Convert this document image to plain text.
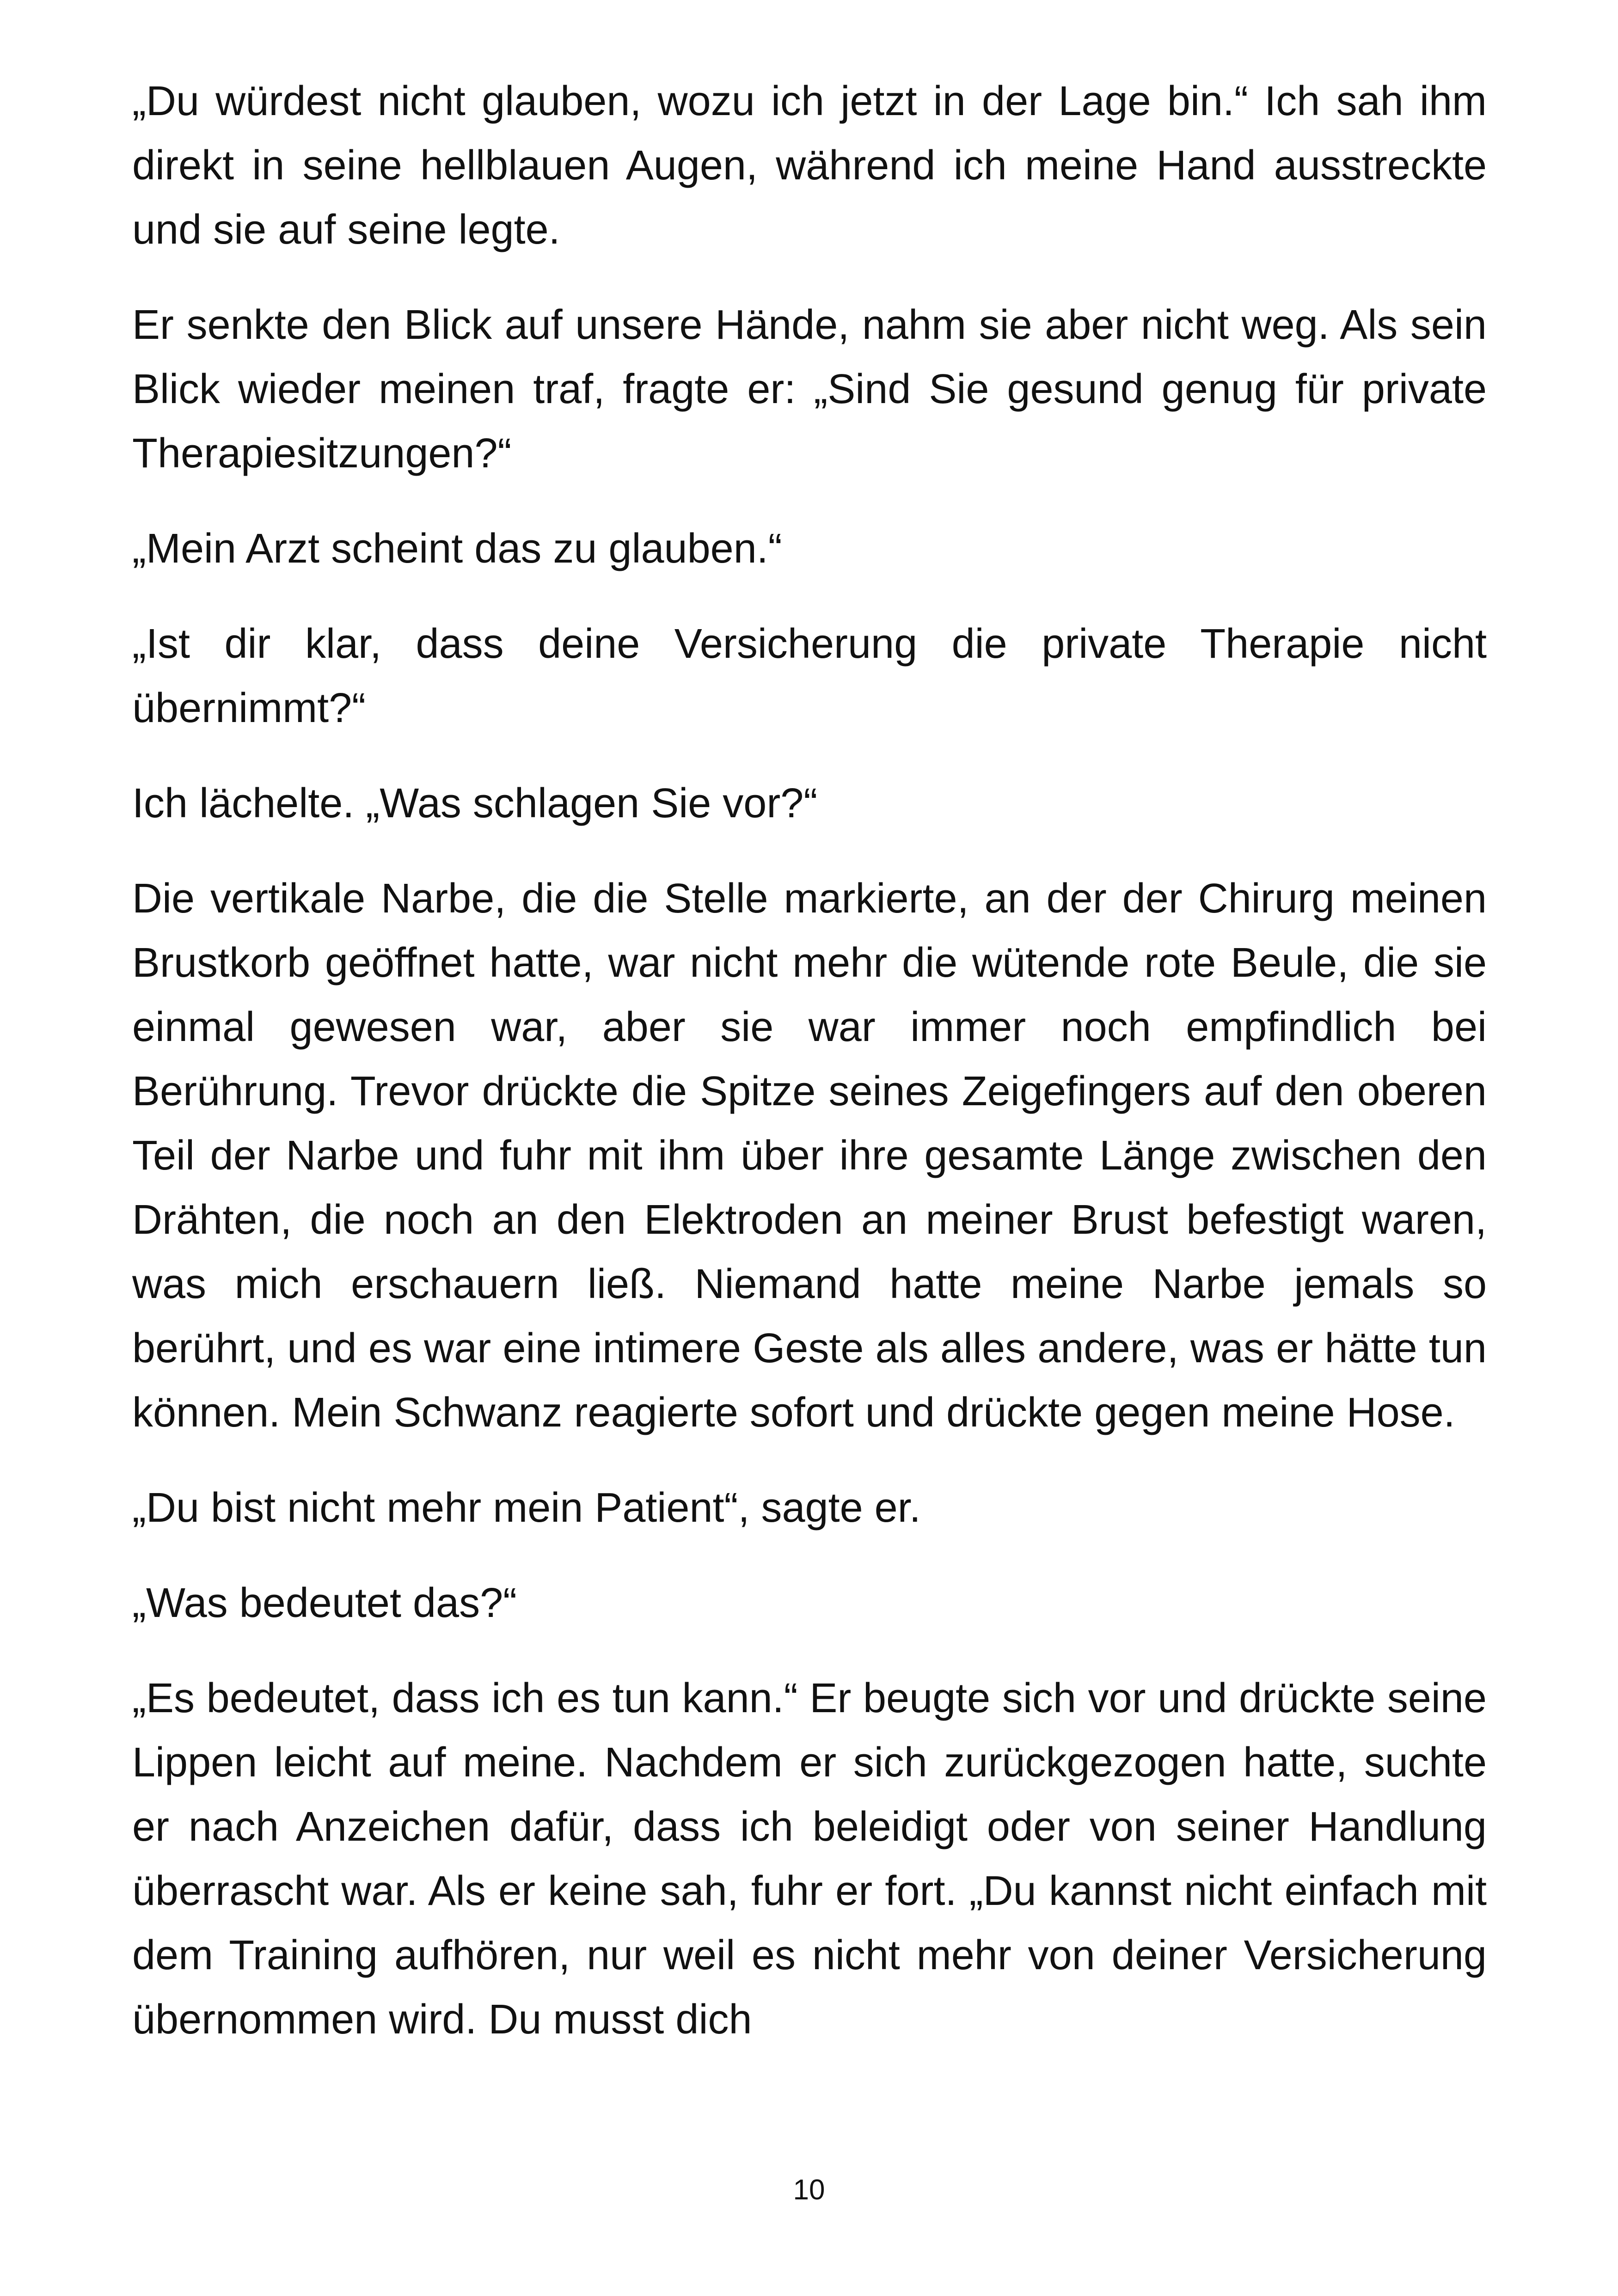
„Du würdest nicht glauben, wozu ich jetzt in der Lage bin.“ Ich sah ihm direkt in seine hellblauen Augen, während ich meine Hand ausstreckte und sie auf seine legte.

Er senkte den Blick auf unsere Hände, nahm sie aber nicht weg. Als sein Blick wieder meinen traf, fragte er: „Sind Sie gesund genug für private Therapiesitzungen?“

„Mein Arzt scheint das zu glauben.“

„Ist dir klar, dass deine Versicherung die private Therapie nicht übernimmt?“

Ich lächelte. „Was schlagen Sie vor?“

Die vertikale Narbe, die die Stelle markierte, an der der Chirurg meinen Brustkorb geöffnet hatte, war nicht mehr die wütende rote Beule, die sie einmal gewesen war, aber sie war immer noch empfindlich bei Berührung. Trevor drückte die Spitze seines Zeigefingers auf den oberen Teil der Narbe und fuhr mit ihm über ihre gesamte Länge zwischen den Drähten, die noch an den Elektroden an meiner Brust befestigt waren, was mich erschauern ließ. Niemand hatte meine Narbe jemals so berührt, und es war eine intimere Geste als alles andere, was er hätte tun können. Mein Schwanz reagierte sofort und drückte gegen meine Hose.

„Du bist nicht mehr mein Patient“, sagte er.

„Was bedeutet das?“

„Es bedeutet, dass ich es tun kann.“ Er beugte sich vor und drückte seine Lippen leicht auf meine. Nachdem er sich zurückgezogen hatte, suchte er nach Anzeichen dafür, dass ich beleidigt oder von seiner Handlung überrascht war. Als er keine sah, fuhr er fort. „Du kannst nicht einfach mit dem Training aufhören, nur weil es nicht mehr von deiner Versicherung übernommen wird. Du musst dich

10
